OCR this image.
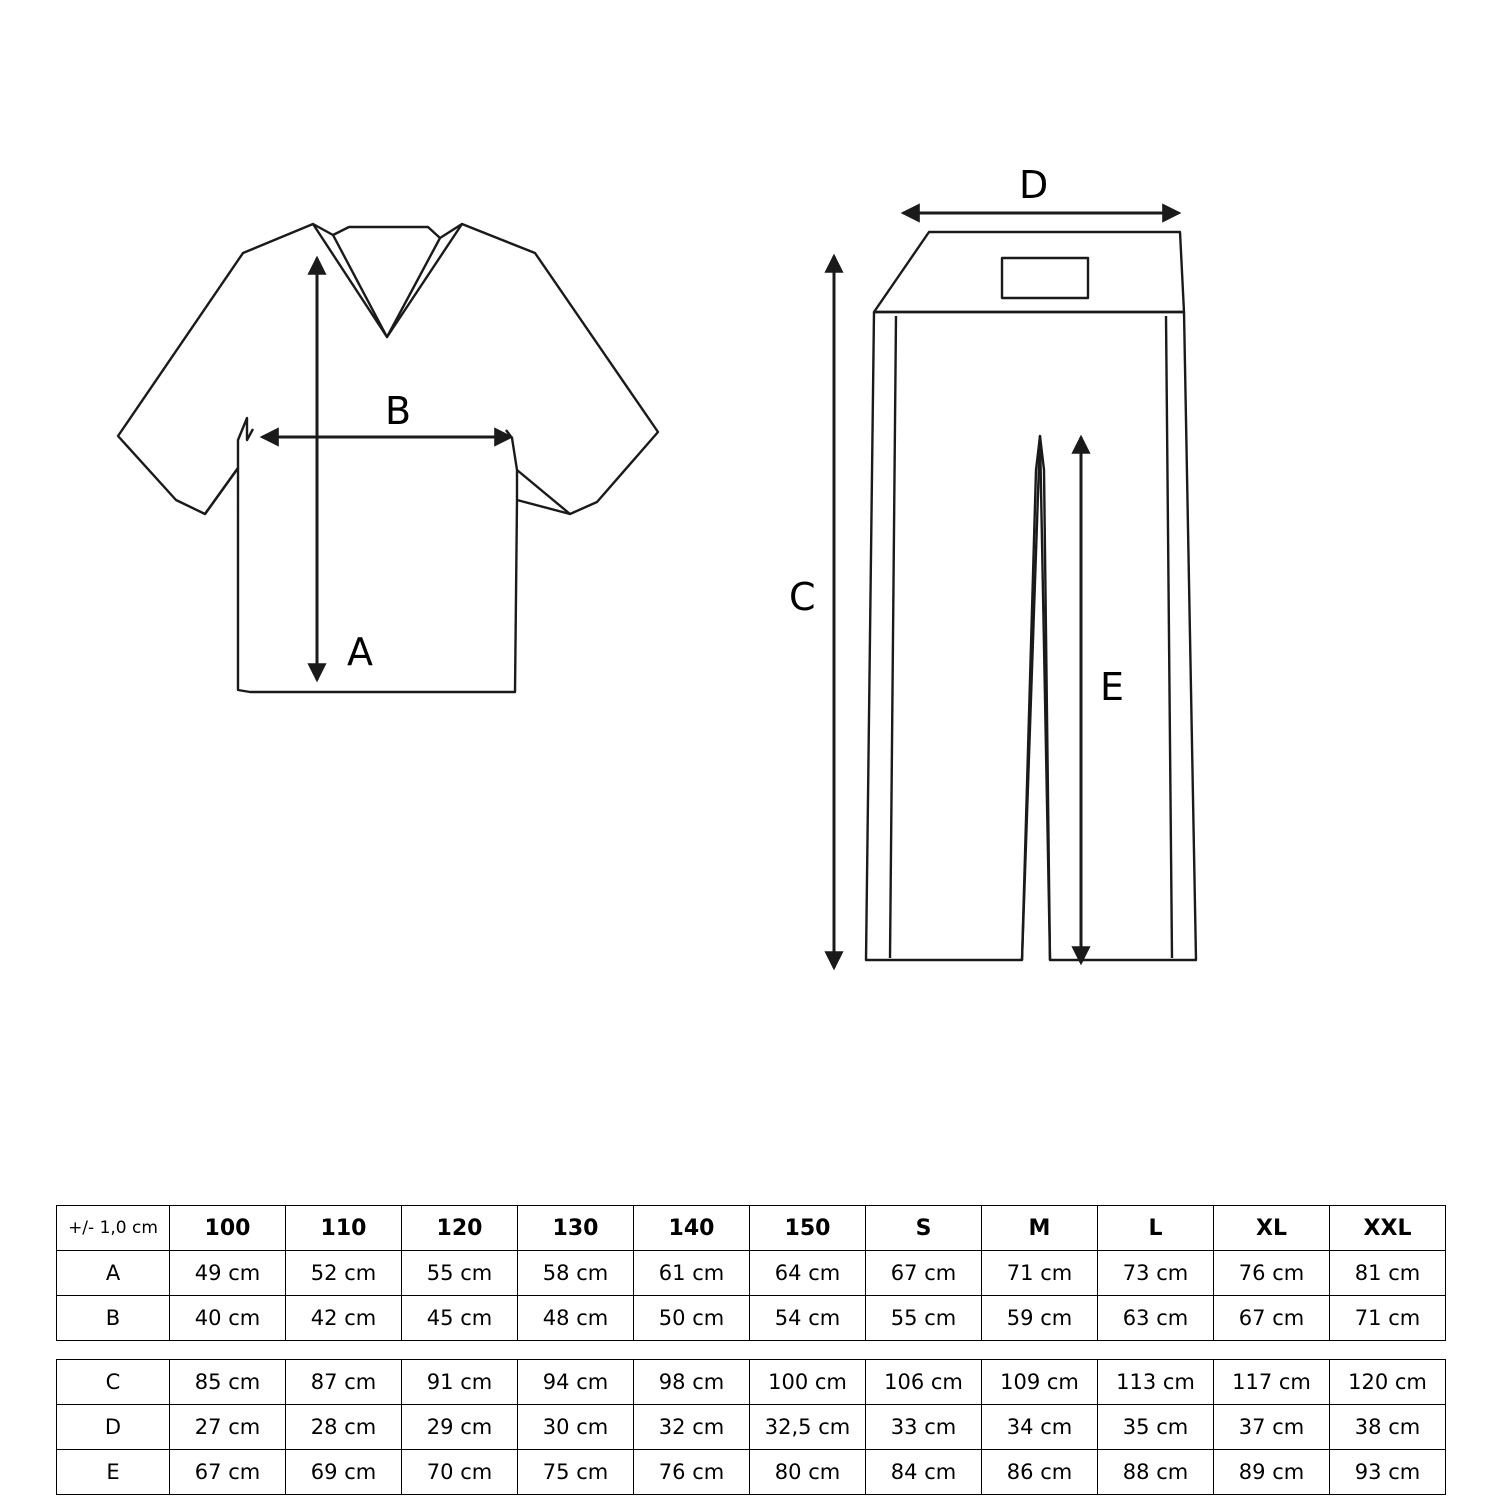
A
B
C
D
E
+/- 1,0 cm	100	110	120	130	140	150	S	M	L	XL	XXL
A	49 cm	52 cm	55 cm	58 cm	61 cm	64 cm	67 cm	71 cm	73 cm	76 cm	81 cm
B	40 cm	42 cm	45 cm	48 cm	50 cm	54 cm	55 cm	59 cm	63 cm	67 cm	71 cm
C	85 cm	87 cm	91 cm	94 cm	98 cm	100 cm	106 cm	109 cm	113 cm	117 cm	120 cm
D	27 cm	28 cm	29 cm	30 cm	32 cm	32,5 cm	33 cm	34 cm	35 cm	37 cm	38 cm
E	67 cm	69 cm	70 cm	75 cm	76 cm	80 cm	84 cm	86 cm	88 cm	89 cm	93 cm
